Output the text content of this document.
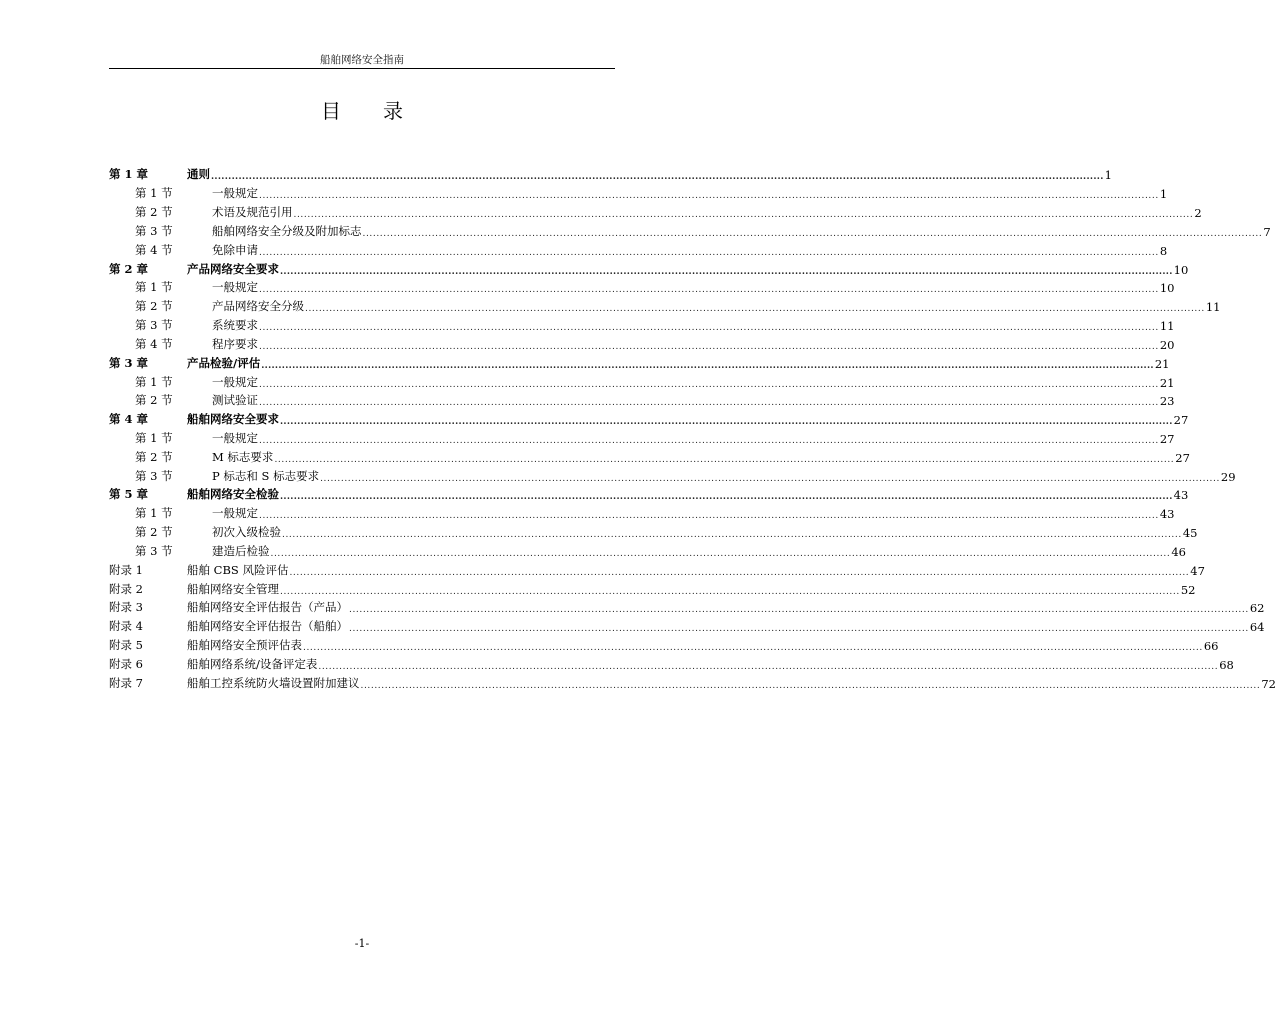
船舶网络安全指南
目录
第 1 章	通则 .................................................................................................................................................................................................................................................................... 1
第 1 节	一般规定 .................................................................................................................................................................................................................................................................... 1
第 2 节	术语及规范引用 .................................................................................................................................................................................................................................................................... 2
第 3 节	船舶网络安全分级及附加标志 .................................................................................................................................................................................................................................................................... 7
第 4 节	免除申请 .................................................................................................................................................................................................................................................................... 8
第 2 章	产品网络安全要求 .................................................................................................................................................................................................................................................................... 10
第 1 节	一般规定 .................................................................................................................................................................................................................................................................... 10
第 2 节	产品网络安全分级 .................................................................................................................................................................................................................................................................... 11
第 3 节	系统要求 .................................................................................................................................................................................................................................................................... 11
第 4 节	程序要求 .................................................................................................................................................................................................................................................................... 20
第 3 章	产品检验/评估 .................................................................................................................................................................................................................................................................... 21
第 1 节	一般规定 .................................................................................................................................................................................................................................................................... 21
第 2 节	测试验证 .................................................................................................................................................................................................................................................................... 23
第 4 章	船舶网络安全要求 .................................................................................................................................................................................................................................................................... 27
第 1 节	一般规定 .................................................................................................................................................................................................................................................................... 27
第 2 节	M 标志要求 .................................................................................................................................................................................................................................................................... 27
第 3 节	P 标志和 S 标志要求 .................................................................................................................................................................................................................................................................... 29
第 5 章	船舶网络安全检验 .................................................................................................................................................................................................................................................................... 43
第 1 节	一般规定 .................................................................................................................................................................................................................................................................... 43
第 2 节	初次入级检验 .................................................................................................................................................................................................................................................................... 45
第 3 节	建造后检验 .................................................................................................................................................................................................................................................................... 46
附录 1	船舶 CBS 风险评估 .................................................................................................................................................................................................................................................................... 47
附录 2	船舶网络安全管理 .................................................................................................................................................................................................................................................................... 52
附录 3	船舶网络安全评估报告（产品） .................................................................................................................................................................................................................................................................... 62
附录 4	船舶网络安全评估报告（船舶） .................................................................................................................................................................................................................................................................... 64
附录 5	船舶网络安全预评估表 .................................................................................................................................................................................................................................................................... 66
附录 6	船舶网络系统/设备评定表 .................................................................................................................................................................................................................................................................... 68
附录 7	船舶工控系统防火墙设置附加建议 .................................................................................................................................................................................................................................................................... 72
-1-
